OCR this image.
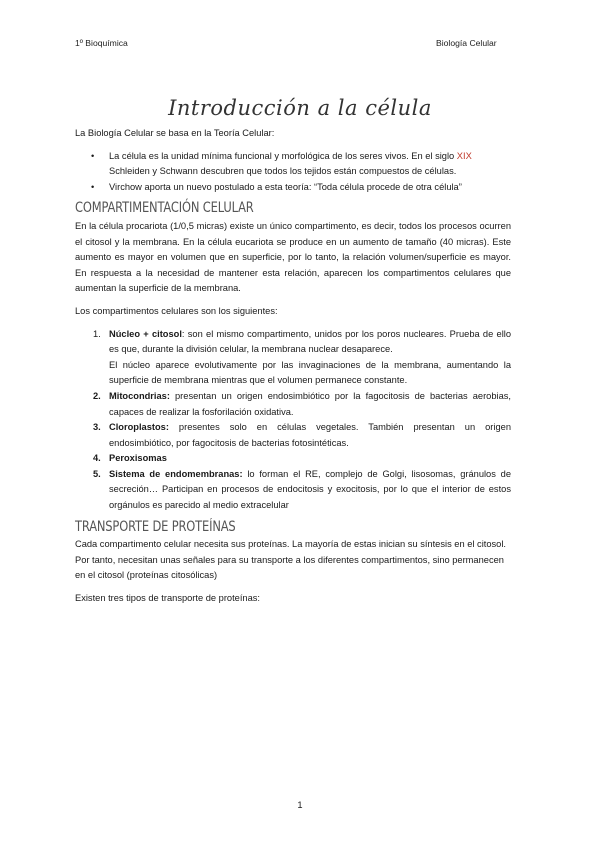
1º Bioquímica	Biología Celular
Introducción a la célula

La Biología Celular se basa en la Teoría Celular:

• La célula es la unidad mínima funcional y morfológica de los seres vivos. En el siglo XIX Schleiden y Schwann descubren que todos los tejidos están compuestos de células.
• Virchow aporta un nuevo postulado a esta teoría: “Toda célula procede de otra célula”
COMPARTIMENTACIÓN CELULAR

En la célula procariota (1/0,5 micras) existe un único compartimento, es decir, todos los procesos ocurren el citosol y la membrana. En la célula eucariota se produce en un aumento de tamaño (40 micras). Este aumento es mayor en volumen que en superficie, por lo tanto, la relación volumen/superficie es mayor. En respuesta a la necesidad de mantener esta relación, aparecen los compartimentos celulares que aumentan la superficie de la membrana.

Los compartimentos celulares son los siguientes:

1. Núcleo + citosol: son el mismo compartimento, unidos por los poros nucleares. Prueba de ello es que, durante la división celular, la membrana nuclear desaparece.
El núcleo aparece evolutivamente por las invaginaciones de la membrana, aumentando la superficie de membrana mientras que el volumen permanece constante.
2. Mitocondrias: presentan un origen endosimbiótico por la fagocitosis de bacterias aerobias, capaces de realizar la fosforilación oxidativa.
3. Cloroplastos: presentes solo en células vegetales. También presentan un origen endosimbiótico, por fagocitosis de bacterias fotosintéticas.
4. Peroxisomas
5. Sistema de endomembranas: lo forman el RE, complejo de Golgi, lisosomas, gránulos de secreción… Participan en procesos de endocitosis y exocitosis, por lo que el interior de estos orgánulos es parecido al medio extracelular
TRANSPORTE DE PROTEÍNAS

Cada compartimento celular necesita sus proteínas. La mayoría de estas inician su síntesis en el citosol. Por tanto, necesitan unas señales para su transporte a los diferentes compartimentos, sino permanecen en el citosol (proteínas citosólicas)

Existen tres tipos de transporte de proteínas:

1
